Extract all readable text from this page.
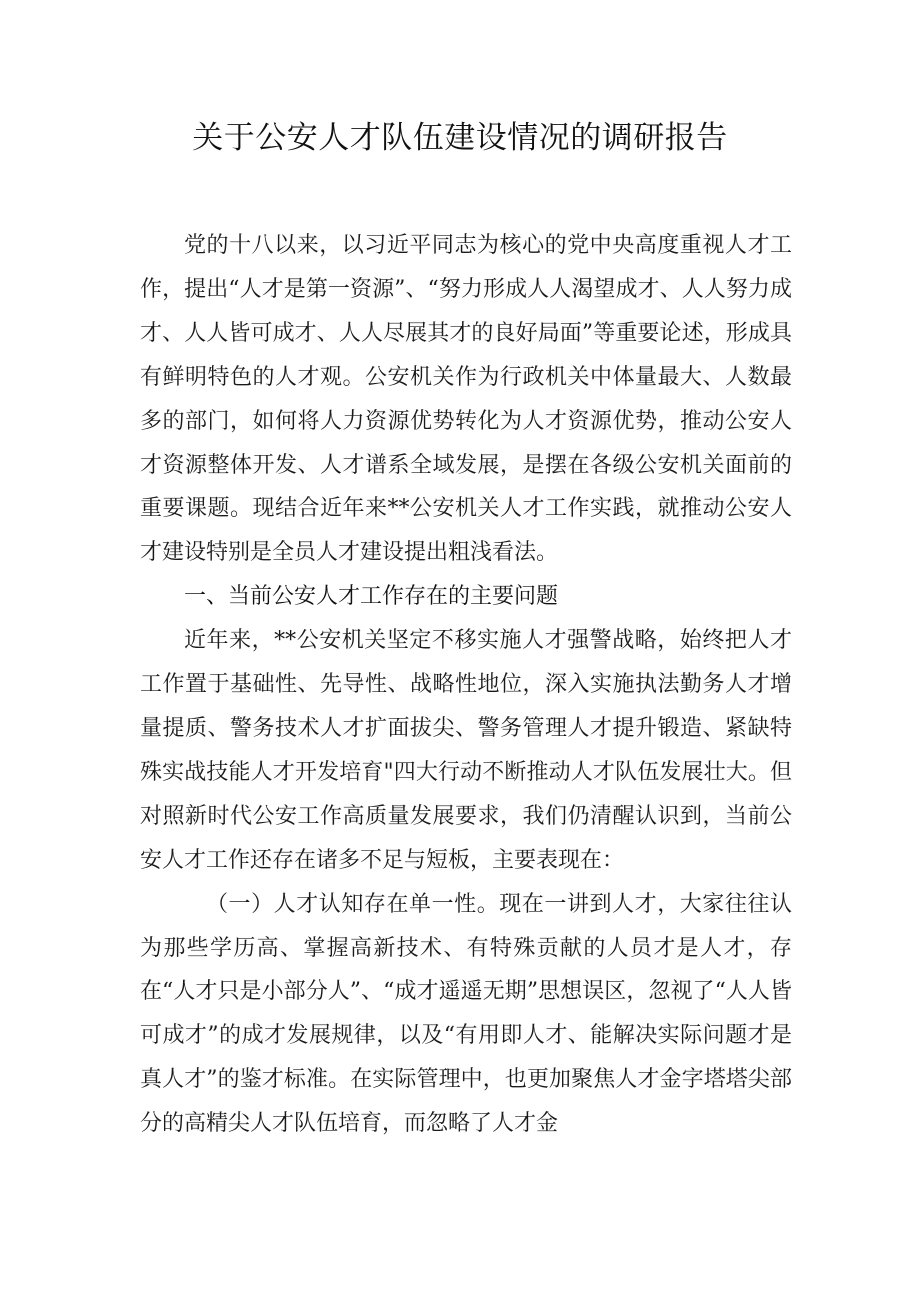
关于公安人才队伍建设情况的调研报告

党的十八以来，以习近平同志为核心的党中央高度重视人才工作，提出“人才是第一资源”、“努力形成人人渴望成才、人人努力成才、人人皆可成才、人人尽展其才的良好局面”等重要论述，形成具有鲜明特色的人才观。公安机关作为行政机关中体量最大、人数最多的部门，如何将人力资源优势转化为人才资源优势，推动公安人才资源整体开发、人才谱系全域发展，是摆在各级公安机关面前的重要课题。现结合近年来**公安机关人才工作实践，就推动公安人才建设特别是全员人才建设提出粗浅看法。

一、当前公安人才工作存在的主要问题

近年来，**公安机关坚定不移实施人才强警战略，始终把人才工作置于基础性、先导性、战略性地位，深入实施执法勤务人才增量提质、警务技术人才扩面拔尖、警务管理人才提升锻造、紧缺特殊实战技能人才开发培育"四大行动不断推动人才队伍发展壮大。但对照新时代公安工作高质量发展要求，我们仍清醒认识到，当前公安人才工作还存在诸多不足与短板，主要表现在：

（一）人才认知存在单一性。现在一讲到人才，大家往往认为那些学历高、掌握高新技术、有特殊贡献的人员才是人才，存在“人才只是小部分人”、“成才遥遥无期”思想误区，忽视了“人人皆可成才”的成才发展规律，以及“有用即人才、能解决实际问题才是真人才”的鉴才标准。在实际管理中，也更加聚焦人才金字塔塔尖部分的高精尖人才队伍培育，而忽略了人才金
